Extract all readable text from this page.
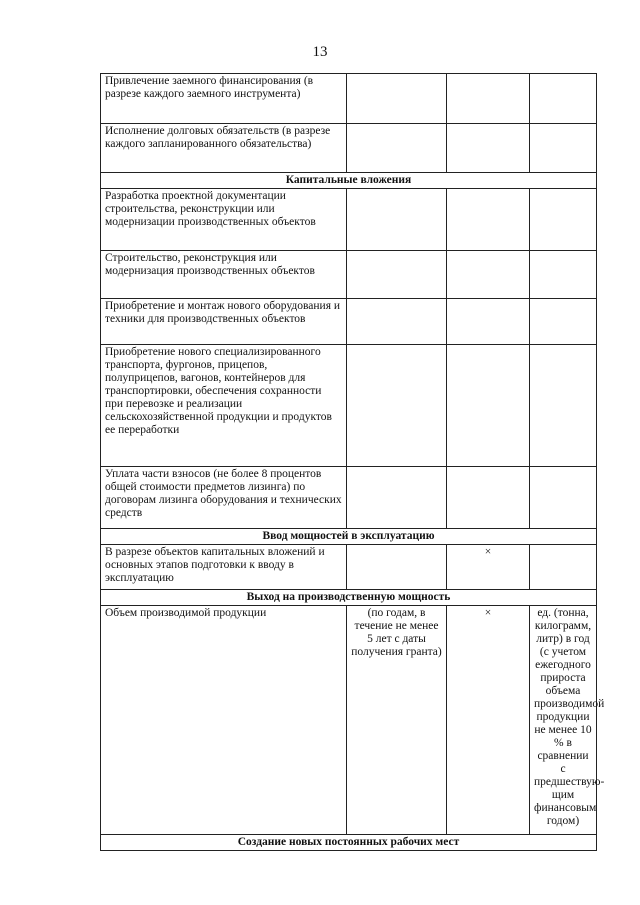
13
Привлечение заемного финансирования (в разрезе каждого заемного инструмента)			
Исполнение долговых обязательств (в разрезе каждого запланированного обязательства)			
Капитальные вложения			
Разработка проектной документации строительства, реконструкции или модернизации производственных объектов			
Строительство, реконструкция или модернизация производственных объектов			
Приобретение и монтаж нового оборудования и техники для производственных объектов			
Приобретение нового специализированного транспорта, фургонов, прицепов, полуприцепов, вагонов, контейнеров для транспортировки, обеспечения сохранности при перевозке и реализации сельскохозяйственной продукции и продуктов ее переработки			
Уплата части взносов (не более 8 процентов общей стоимости предметов лизинга) по договорам лизинга оборудования и технических средств			
Ввод мощностей в эксплуатацию			
В разрезе объектов капитальных вложений и основных этапов подготовки к вводу в эксплуатацию		×	
Выход на производственную мощность			
Объем производимой продукции	(по годам, в течение не менее 5 лет с даты получения гранта)	×	ед. (тонна, килограмм, литр) в год (с учетом ежегодного прироста объема производимой продукции не менее 10 % в сравнении с предшествую-щим финансовым годом)
Создание новых постоянных рабочих мест			
